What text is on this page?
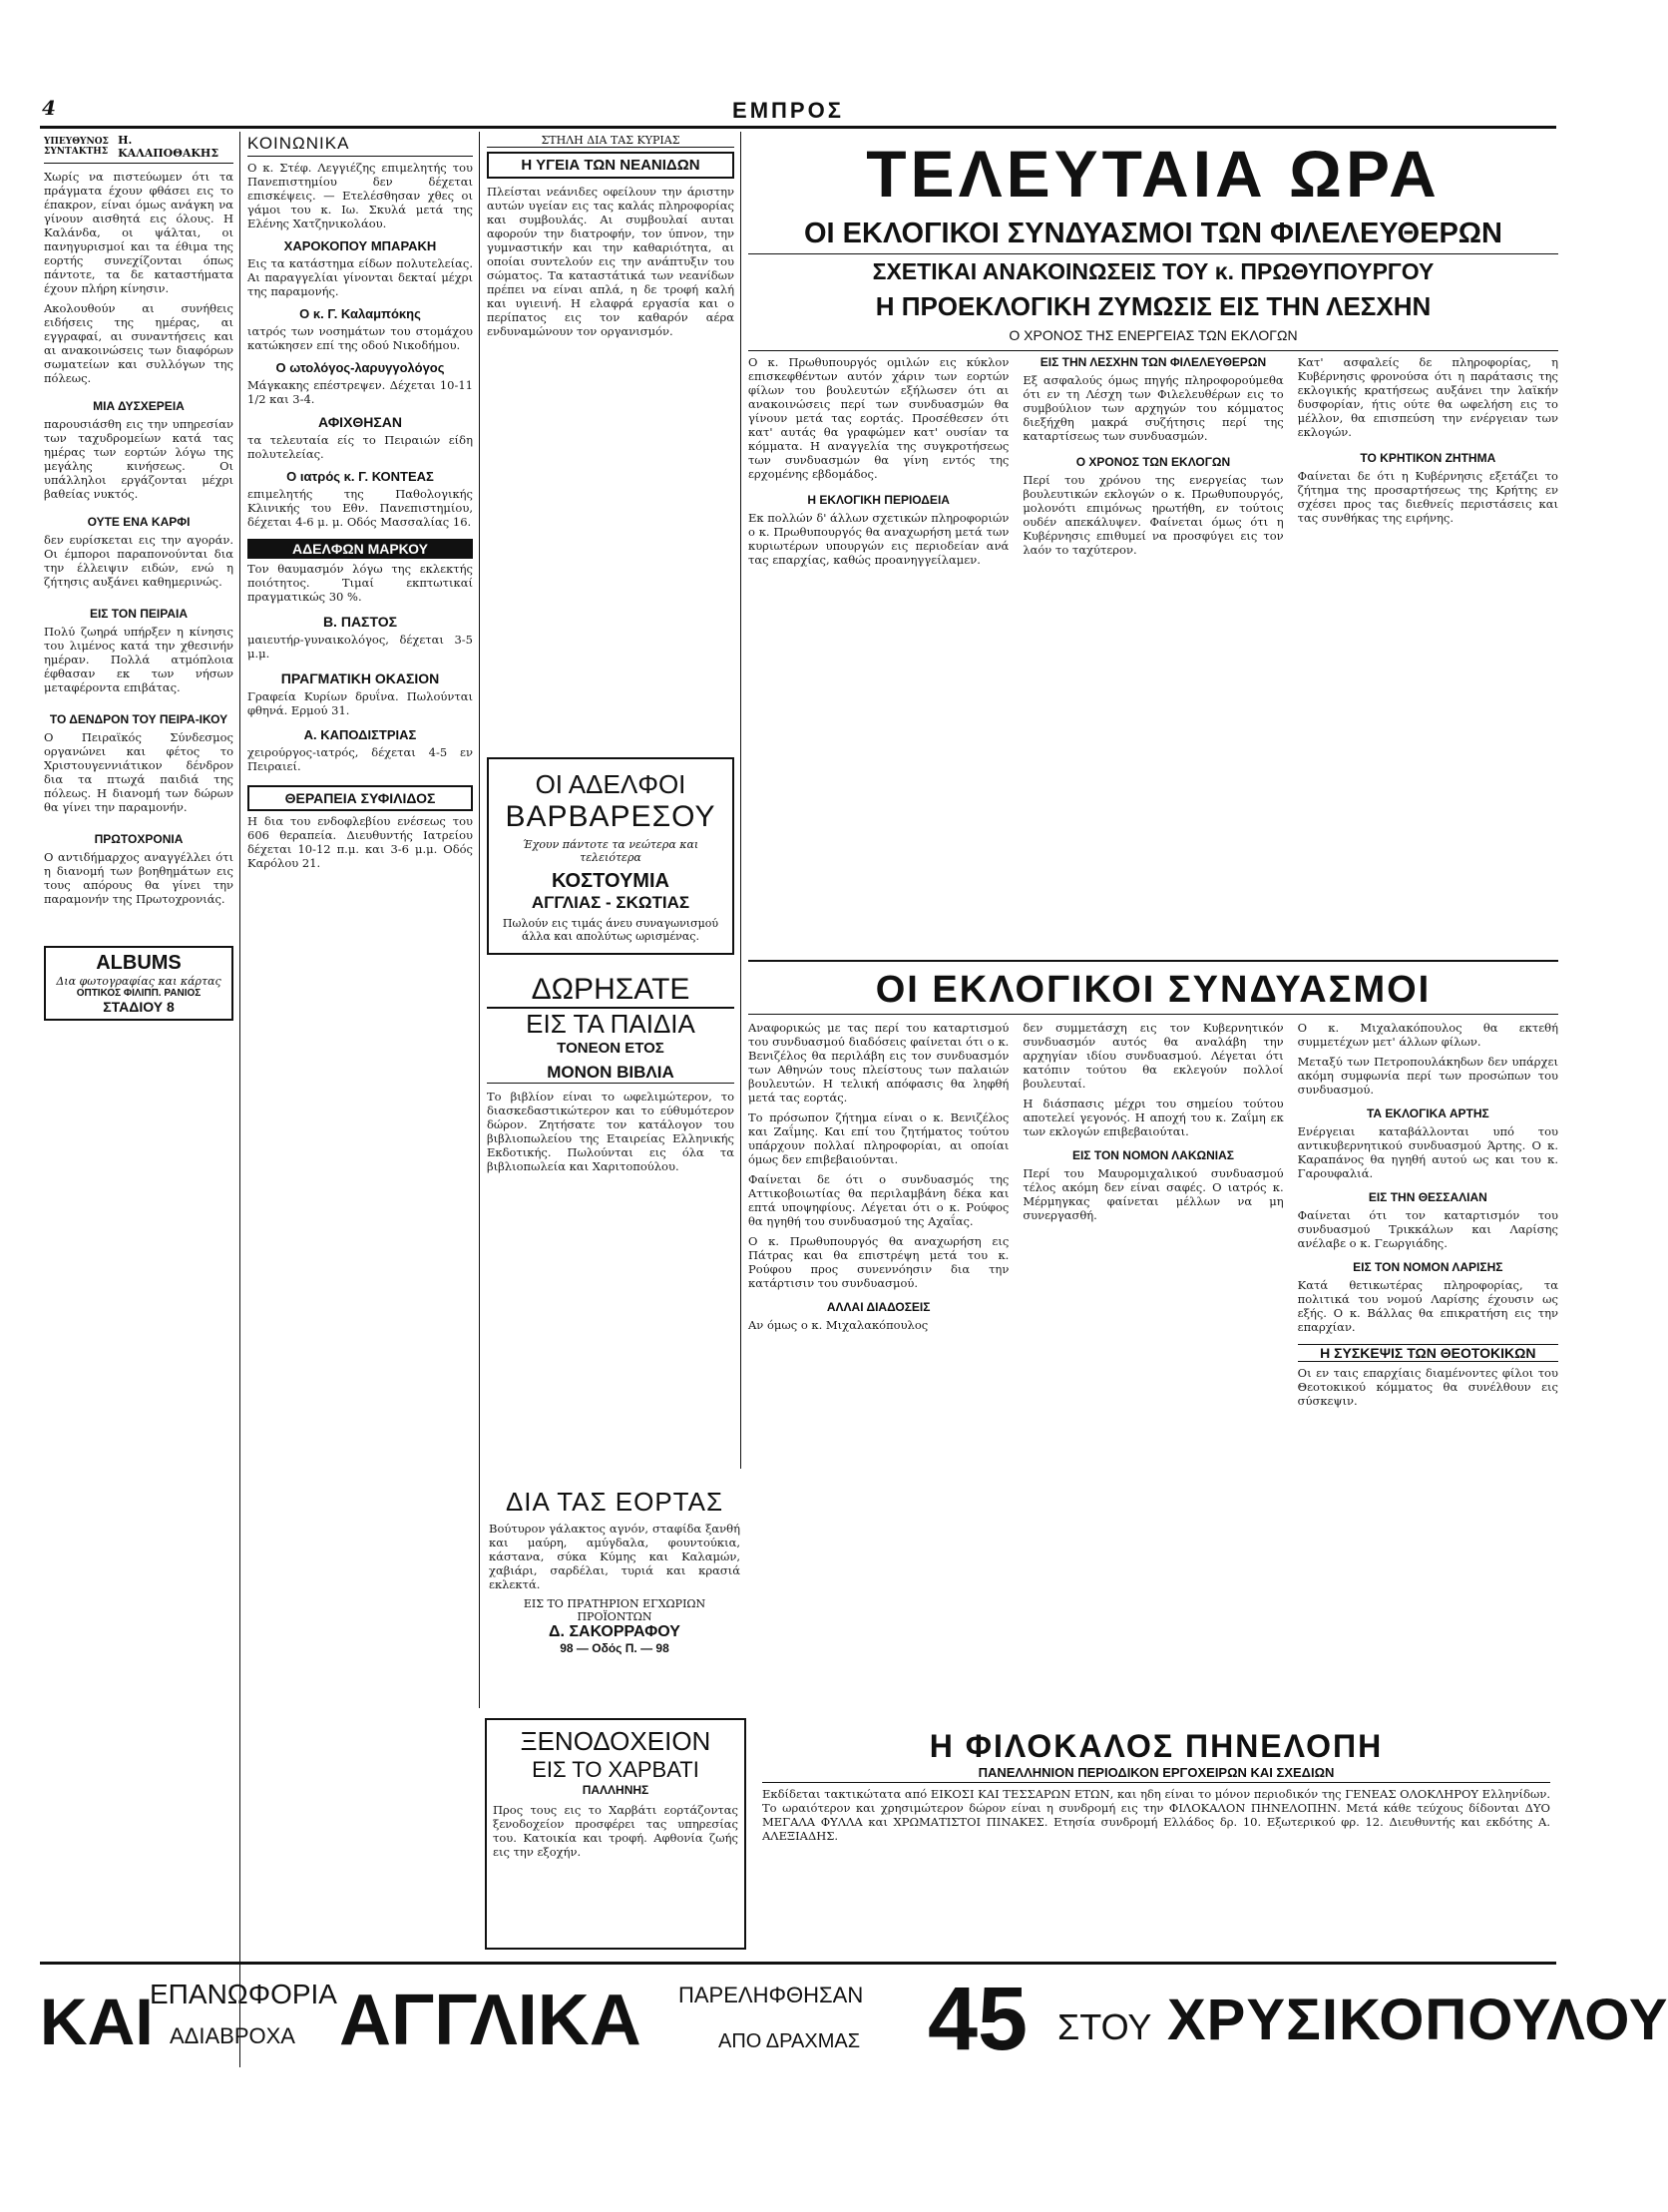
4	ΕΜΠΡΟΣ
ΥΠΕΥΘΥΝΟΣ ΣΥΝΤΑΚΤΗΣ
Η. ΚΑΛΑΠΟΘΑΚΗΣ
Χωρίς να πιστεύωμεν ότι τα πράγματα έχουν φθάσει εις το έπακρον, είναι όμως ανάγκη να γίνουν αισθητά εις όλους. Η Καλάνδα, οι ψάλται, οι πανηγυρισμοί και τα έθιμα της εορτής συνεχίζονται όπως πάντοτε, τα δε καταστήματα έχουν πλήρη κίνησιν.
Ακολουθούν αι συνήθεις ειδήσεις της ημέρας, αι εγγραφαί, αι συναντήσεις και αι ανακοινώσεις των διαφόρων σωματείων και συλλόγων της πόλεως.
ΜΙΑ ΔΥΣΧΕΡΕΙΑ
παρουσιάσθη εις την υπηρεσίαν των ταχυδρομείων κατά τας ημέρας των εορτών λόγω της μεγάλης κινήσεως. Οι υπάλληλοι εργάζονται μέχρι βαθείας νυκτός.
ΟΥΤΕ ΕΝΑ ΚΑΡΦΙ
δεν ευρίσκεται εις την αγοράν. Οι έμποροι παραπονούνται δια την έλλειψιν ειδών, ενώ η ζήτησις αυξάνει καθημερινώς.
ΕΙΣ ΤΟΝ ΠΕΙΡΑΙΑ
Πολύ ζωηρά υπήρξεν η κίνησις του λιμένος κατά την χθεσινήν ημέραν. Πολλά ατμόπλοια έφθασαν εκ των νήσων μεταφέροντα επιβάτας.
ΤΟ ΔΕΝΔΡΟΝ ΤΟΥ ΠΕΙΡΑ-ΙΚΟΥ
Ο Πειραϊκός Σύνδεσμος οργανώνει και φέτος το Χριστουγεννιάτικον δένδρον δια τα πτωχά παιδιά της πόλεως. Η διανομή των δώρων θα γίνει την παραμονήν.
ΠΡΩΤΟΧΡΟΝΙΑ
Ο αντιδήμαρχος αναγγέλλει ότι η διανομή των βοηθημάτων εις τους απόρους θα γίνει την παραμονήν της Πρωτοχρονιάς.
ALBUMS
Δια φωτογραφίας και κάρτας
ΟΠΤΙΚΟΣ ΦΙΛΙΠΠ. ΡΑΝΙΟΣ
ΣΤΑΔΙΟΥ 8
ΚΟΙΝΩΝΙΚΑ
Ο κ. Στέφ. Λεγγιέζης επιμελητής του Πανεπιστημίου δεν δέχεται επισκέψεις. — Ετελέσθησαν χθες οι γάμοι του κ. Ιω. Σκυλά μετά της Ελένης Χατζηνικολάου.
ΧΑΡΟΚΟΠΟΥ ΜΠΑΡΑΚΗ
Εις τα κατάστημα είδων πολυτελείας. Αι παραγγελίαι γίνονται δεκταί μέχρι της παραμονής.
Ο κ. Γ. Καλαμπόκης
ιατρός των νοσημάτων του στομάχου κατώκησεν επί της οδού Νικοδήμου.
Ο ωτολόγος-λαρυγγολόγος
Μάγκακης επέστρεψεν. Δέχεται 10-11 1/2 και 3-4.
ΑΦΙΧΘΗΣΑΝ
τα τελευταία είς το Πειραιών είδη πολυτελείας.
Ο ιατρός κ. Γ. ΚΟΝΤΕΑΣ
επιμελητής της Παθολογικής Κλινικής του Εθν. Πανεπιστημίου, δέχεται 4-6 μ. μ. Οδός Μασσαλίας 16.
ΑΔΕΛΦΩΝ ΜΑΡΚΟΥ
Τον θαυμασμόν λόγω της εκλεκτής ποιότητος. Τιμαί εκπτωτικαί πραγματικώς 30 %.
Β. ΠΑΣΤΟΣ
μαιευτήρ-γυναικολόγος, δέχεται 3-5 μ.μ.
ΠΡΑΓΜΑΤΙΚΗ ΟΚΑΣΙΟΝ
Γραφεία Κυρίων δρυΐνα. Πωλούνται φθηνά. Ερμού 31.
Α. ΚΑΠΟΔΙΣΤΡΙΑΣ
χειρούργος-ιατρός, δέχεται 4-5 εν Πειραιεί.
ΘΕΡΑΠΕΙΑ ΣΥΦΙΛΙΔΟΣ
Η δια του ενδοφλεβίου ενέσεως του 606 θεραπεία. Διευθυντής Ιατρείου δέχεται 10-12 π.μ. και 3-6 μ.μ. Οδός Καρόλου 21.
ΣΤΗΛΗ ΔΙΑ ΤΑΣ ΚΥΡΙΑΣ
Η ΥΓΕΙΑ ΤΩΝ ΝΕΑΝΙΔΩΝ
Πλείσται νεάνιδες οφείλουν την άριστην αυτών υγείαν εις τας καλάς πληροφορίας και συμβουλάς. Αι συμβουλαί αυται αφορούν την διατροφήν, τον ύπνον, την γυμναστικήν και την καθαριότητα, αι οποίαι συντελούν εις την ανάπτυξιν του σώματος. Τα καταστάτικά των νεανίδων πρέπει να είναι απλά, η δε τροφή καλή και υγιεινή. Η ελαφρά εργασία και ο περίπατος εις τον καθαρόν αέρα ενδυναμώνουν τον οργανισμόν.
ΟΙ ΑΔΕΛΦΟΙ
ΒΑΡΒΑΡΕΣΟΥ
Έχουν πάντοτε τα νεώτερα και τελειότερα
ΚΟΣΤΟΥΜΙΑ
ΑΓΓΛΙΑΣ - ΣΚΩΤΙΑΣ
Πωλούν εις τιμάς άνευ συναγωνισμού άλλα και απολύτως ωρισμένας.
ΔΩΡΗΣΑΤΕ
ΕΙΣ ΤΑ ΠΑΙΔΙΑ
ΤΟΝΕΟΝ ΕΤΟΣ
ΜΟΝΟΝ ΒΙΒΛΙΑ
Το βιβλίον είναι το ωφελιμώτερον, το διασκεδαστικώτερον και το εύθυμότερον δώρον. Ζητήσατε τον κατάλογον του βιβλιοπωλείου της Εταιρείας Ελληνικής Εκδοτικής. Πωλούνται εις όλα τα βιβλιοπωλεία και Χαριτοπούλου.
ΤΕΛΕΥΤΑΙΑ ΩΡΑ
ΟΙ ΕΚΛΟΓΙΚΟΙ ΣΥΝΔΥΑΣΜΟΙ ΤΩΝ ΦΙΛΕΛΕΥΘΕΡΩΝ
ΣΧΕΤΙΚΑΙ ΑΝΑΚΟΙΝΩΣΕΙΣ ΤΟΥ κ. ΠΡΩΘΥΠΟΥΡΓΟΥ
Η ΠΡΟΕΚΛΟΓΙΚΗ ΖΥΜΩΣΙΣ ΕΙΣ ΤΗΝ ΛΕΣΧΗΝ
Ο ΧΡΟΝΟΣ ΤΗΣ ΕΝΕΡΓΕΙΑΣ ΤΩΝ ΕΚΛΟΓΩΝ
Ο κ. Πρωθυπουργός ομιλών εις κύκλον επισκεφθέντων αυτόν χάριν των εορτών φίλων του βουλευτών εξήλωσεν ότι αι ανακοινώσεις περί των συνδυασμών θα γίνουν μετά τας εορτάς. Προσέθεσεν ότι κατ' αυτάς θα γραφώμεν κατ' ουσίαν τα κόμματα. Η αναγγελία της συγκροτήσεως των συνδυασμών θα γίνη εντός της ερχομένης εβδομάδος.
Η ΕΚΛΟΓΙΚΗ ΠΕΡΙΟΔΕΙΑ
Εκ πολλών δ' άλλων σχετικών πληροφοριών ο κ. Πρωθυπουργός θα αναχωρήση μετά των κυριωτέρων υπουργών εις περιοδείαν ανά τας επαρχίας, καθώς προανηγγείλαμεν.
ΕΙΣ ΤΗΝ ΛΕΣΧΗΝ ΤΩΝ ΦΙΛΕΛΕΥΘΕΡΩΝ
Εξ ασφαλούς όμως πηγής πληροφορούμεθα ότι εν τη Λέσχη των Φιλελευθέρων εις το συμβούλιον των αρχηγών του κόμματος διεξήχθη μακρά συζήτησις περί της καταρτίσεως των συνδυασμών.
Ο ΧΡΟΝΟΣ ΤΩΝ ΕΚΛΟΓΩΝ
Περί του χρόνου της ενεργείας των βουλευτικών εκλογών ο κ. Πρωθυπουργός, μολονότι επιμόνως ηρωτήθη, εν τούτοις ουδέν απεκάλυψεν. Φαίνεται όμως ότι η Κυβέρνησις επιθυμεί να προσφύγει εις τον λαόν το ταχύτερον.
Κατ' ασφαλείς δε πληροφορίας, η Κυβέρνησις φρονούσα ότι η παράτασις της εκλογικής κρατήσεως αυξάνει την λαϊκήν δυσφορίαν, ήτις ούτε θα ωφελήση εις το μέλλον, θα επισπεύση την ενέργειαν των εκλογών.
ΤΟ ΚΡΗΤΙΚΟΝ ΖΗΤΗΜΑ
Φαίνεται δε ότι η Κυβέρνησις εξετάζει το ζήτημα της προσαρτήσεως της Κρήτης εν σχέσει προς τας διεθνείς περιστάσεις και τας συνθήκας της ειρήνης.
ΟΙ ΕΚΛΟΓΙΚΟΙ ΣΥΝΔΥΑΣΜΟΙ
Αναφορικώς με τας περί του καταρτισμού του συνδυασμού διαδόσεις φαίνεται ότι ο κ. Βενιζέλος θα περιλάβη εις τον συνδυασμόν των Αθηνών τους πλείστους των παλαιών βουλευτών. Η τελική απόφασις θα ληφθή μετά τας εορτάς.
Το πρόσωπον ζήτημα είναι ο κ. Βενιζέλος και Ζαΐμης. Και επί του ζητήματος τούτου υπάρχουν πολλαί πληροφορίαι, αι οποίαι όμως δεν επιβεβαιούνται.
Φαίνεται δε ότι ο συνδυασμός της Αττικοβοιωτίας θα περιλαμβάνη δέκα και επτά υποψηφίους. Λέγεται ότι ο κ. Ρούφος θα ηγηθή του συνδυασμού της Αχαΐας.
Ο κ. Πρωθυπουργός θα αναχωρήση εις Πάτρας και θα επιστρέψη μετά του κ. Ρούφου προς συνεννόησιν δια την κατάρτισιν του συνδυασμού.
ΑΛΛΑΙ ΔΙΑΔΟΣΕΙΣ
Αν όμως ο κ. Μιχαλακόπουλος
δεν συμμετάσχη εις τον Κυβερνητικόν συνδυασμόν αυτός θα αναλάβη την αρχηγίαν ιδίου συνδυασμού. Λέγεται ότι κατόπιν τούτου θα εκλεγούν πολλοί βουλευταί.
Η διάσπασις μέχρι του σημείου τούτου αποτελεί γεγονός. Η αποχή του κ. Ζαΐμη εκ των εκλογών επιβεβαιούται.
ΕΙΣ ΤΟΝ ΝΟΜΟΝ ΛΑΚΩΝΙΑΣ
Περί του Μαυρομιχαλικού συνδυασμού τέλος ακόμη δεν είναι σαφές. Ο ιατρός κ. Μέρμηγκας φαίνεται μέλλων να μη συνεργασθή.
Ο κ. Μιχαλακόπουλος θα εκτεθή συμμετέχων μετ' άλλων φίλων.
Μεταξύ των Πετροπουλάκηδων δεν υπάρχει ακόμη συμφωνία περί των προσώπων του συνδυασμού.
ΤΑ ΕΚΛΟΓΙΚΑ ΑΡΤΗΣ
Ενέργειαι καταβάλλονται υπό του αντικυβερνητικού συνδυασμού Άρτης. Ο κ. Καραπάνος θα ηγηθή αυτού ως και του κ. Γαρουφαλιά.
ΕΙΣ ΤΗΝ ΘΕΣΣΑΛΙΑΝ
Φαίνεται ότι τον καταρτισμόν του συνδυασμού Τρικκάλων και Λαρίσης ανέλαβε ο κ. Γεωργιάδης.
ΕΙΣ ΤΟΝ ΝΟΜΟΝ ΛΑΡΙΣΗΣ
Κατά θετικωτέρας πληροφορίας, τα πολιτικά του νομού Λαρίσης έχουσιν ως εξής. Ο κ. Βάλλας θα επικρατήση εις την επαρχίαν.
Η ΣΥΣΚΕΨΙΣ ΤΩΝ ΘΕΟΤΟΚΙΚΩΝ
Οι εν ταις επαρχίαις διαμένοντες φίλοι του Θεοτοκικού κόμματος θα συνέλθουν εις σύσκεψιν.
ΔΙΑ ΤΑΣ ΕΟΡΤΑΣ
Βούτυρον γάλακτος αγνόν, σταφίδα ξανθή και μαύρη, αμύγδαλα, φουντούκια, κάστανα, σύκα Κύμης και Καλαμών, χαβιάρι, σαρδέλαι, τυριά και κρασιά εκλεκτά.
ΕΙΣ ΤΟ ΠΡΑΤΗΡΙΟΝ ΕΓΧΩΡΙΩΝ ΠΡΟΪΟΝΤΩΝ
Δ. ΣΑΚΟΡΡΑΦΟΥ
98 — Οδός Π. — 98
ΞΕΝΟΔΟΧΕΙΟΝ
ΕΙΣ ΤΟ ΧΑΡΒΑΤΙ
ΠΑΛΛΗΝΗΣ
Προς τους εις το Χαρβάτι εορτάζοντας ξενοδοχείον προσφέρει τας υπηρεσίας του. Κατοικία και τροφή. Αφθονία ζωής εις την εξοχήν.
Η ΦΙΛΟΚΑΛΟΣ ΠΗΝΕΛΟΠΗ
ΠΑΝΕΛΛΗΝΙΟΝ ΠΕΡΙΟΔΙΚΟΝ ΕΡΓΟΧΕΙΡΩΝ ΚΑΙ ΣΧΕΔΙΩΝ
Εκδίδεται τακτικώτατα από ΕΙΚΟΣΙ ΚΑΙ ΤΕΣΣΑΡΩΝ ΕΤΩΝ, και ηδη είναι το μόνον περιοδικόν της ΓΕΝΕΑΣ ΟΛΟΚΛΗΡΟΥ Ελληνίδων. Το ωραιότερον και χρησιμώτερον δώρον είναι η συνδρομή εις την ΦΙΛΟΚΑΛΟΝ ΠΗΝΕΛΟΠΗΝ. Μετά κάθε τεύχους δίδονται ΔΥΟ ΜΕΓΑΛΑ ΦΥΛΛΑ και ΧΡΩΜΑΤΙΣΤΟΙ ΠΙΝΑΚΕΣ. Ετησία συνδρομή Ελλάδος δρ. 10. Εξωτερικού φρ. 12. Διευθυντής και εκδότης Α. ΑΛΕΞΙΑΔΗΣ.
ΚΑΙ
ΕΠΑΝΩΦΟΡΙΑ
ΑΔΙΑΒΡΟΧΑ ΑΓΓΛΙΚΑ	ΠΑΡΕΛΗΦΘΗΣΑΝ
ΑΠΟ ΔΡΑΧΜΑΣ 45 ΣΤΟΥ ΧΡΥΣΙΚΟΠΟΥΛΟΥ
